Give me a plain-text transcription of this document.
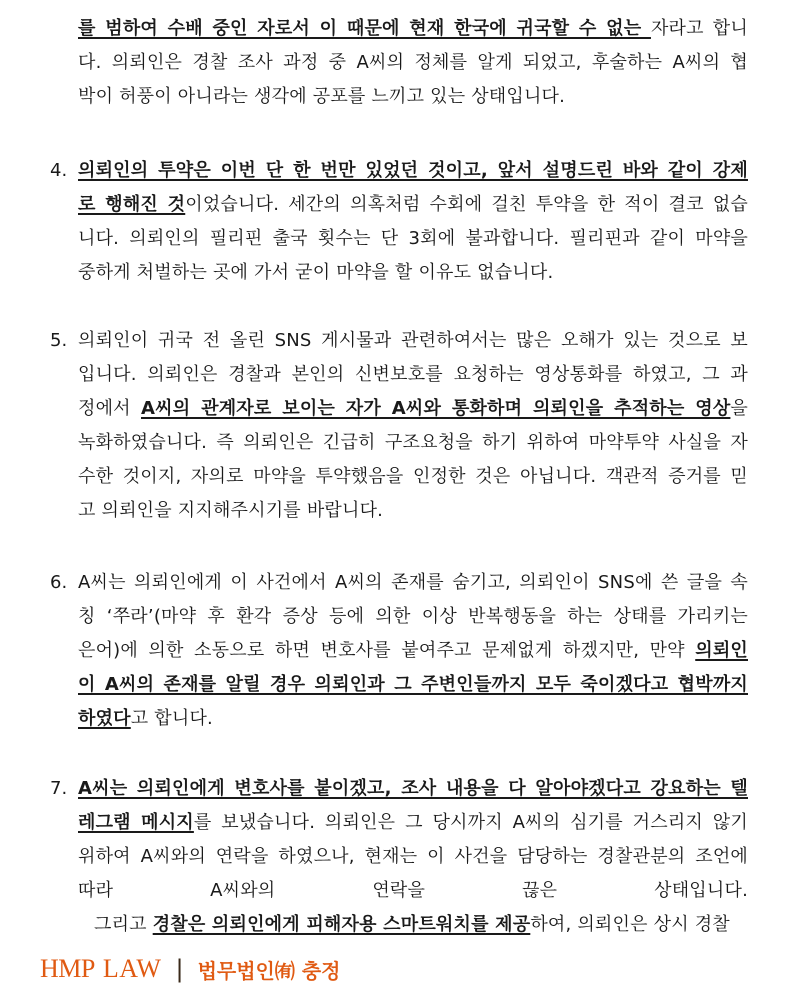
를 범하여 수배 중인 자로서 이 때문에 현재 한국에 귀국할 수 없는 자라고 합니
다. 의뢰인은 경찰 조사 과정 중 A씨의 정체를 알게 되었고, 후술하는 A씨의 협
박이 허풍이 아니라는 생각에 공포를 느끼고 있는 상태입니다.
4. 의뢰인의 투약은 이번 단 한 번만 있었던 것이고, 앞서 설명드린 바와 같이 강제
로 행해진 것이었습니다. 세간의 의혹처럼 수회에 걸친 투약을 한 적이 결코 없습
니다. 의뢰인의 필리핀 출국 횟수는 단 3회에 불과합니다. 필리핀과 같이 마약을
중하게 처벌하는 곳에 가서 굳이 마약을 할 이유도 없습니다.
5. 의뢰인이 귀국 전 올린 SNS 게시물과 관련하여서는 많은 오해가 있는 것으로 보
입니다. 의뢰인은 경찰과 본인의 신변보호를 요청하는 영상통화를 하였고, 그 과
정에서 A씨의 관계자로 보이는 자가 A씨와 통화하며 의뢰인을 추적하는 영상을
녹화하였습니다. 즉 의뢰인은 긴급히 구조요청을 하기 위하여 마약투약 사실을 자
수한 것이지, 자의로 마약을 투약했음을 인정한 것은 아닙니다. 객관적 증거를 믿
고 의뢰인을 지지해주시기를 바랍니다.
6. A씨는 의뢰인에게 이 사건에서 A씨의 존재를 숨기고, 의뢰인이 SNS에 쓴 글을 속
칭 ‘쭈라’(마약 후 환각 증상 등에 의한 이상 반복행동을 하는 상태를 가리키는
은어)에 의한 소동으로 하면 변호사를 붙여주고 문제없게 하겠지만, 만약 의뢰인
이 A씨의 존재를 알릴 경우 의뢰인과 그 주변인들까지 모두 죽이겠다고 협박까지
하였다고 합니다.
7. A씨는 의뢰인에게 변호사를 붙이겠고, 조사 내용을 다 알아야겠다고 강요하는 텔
레그램 메시지를 보냈습니다. 의뢰인은 그 당시까지 A씨의 심기를 거스리지 않기
위하여 A씨와의 연락을 하였으나, 현재는 이 사건을 담당하는 경찰관분의 조언에
따라 A씨와의 연락을 끊은 상태입니다.
그리고 경찰은 의뢰인에게 피해자용 스마트워치를 제공하여, 의뢰인은 상시 경찰
HMP LAW | 법무법인㈲ 충정
